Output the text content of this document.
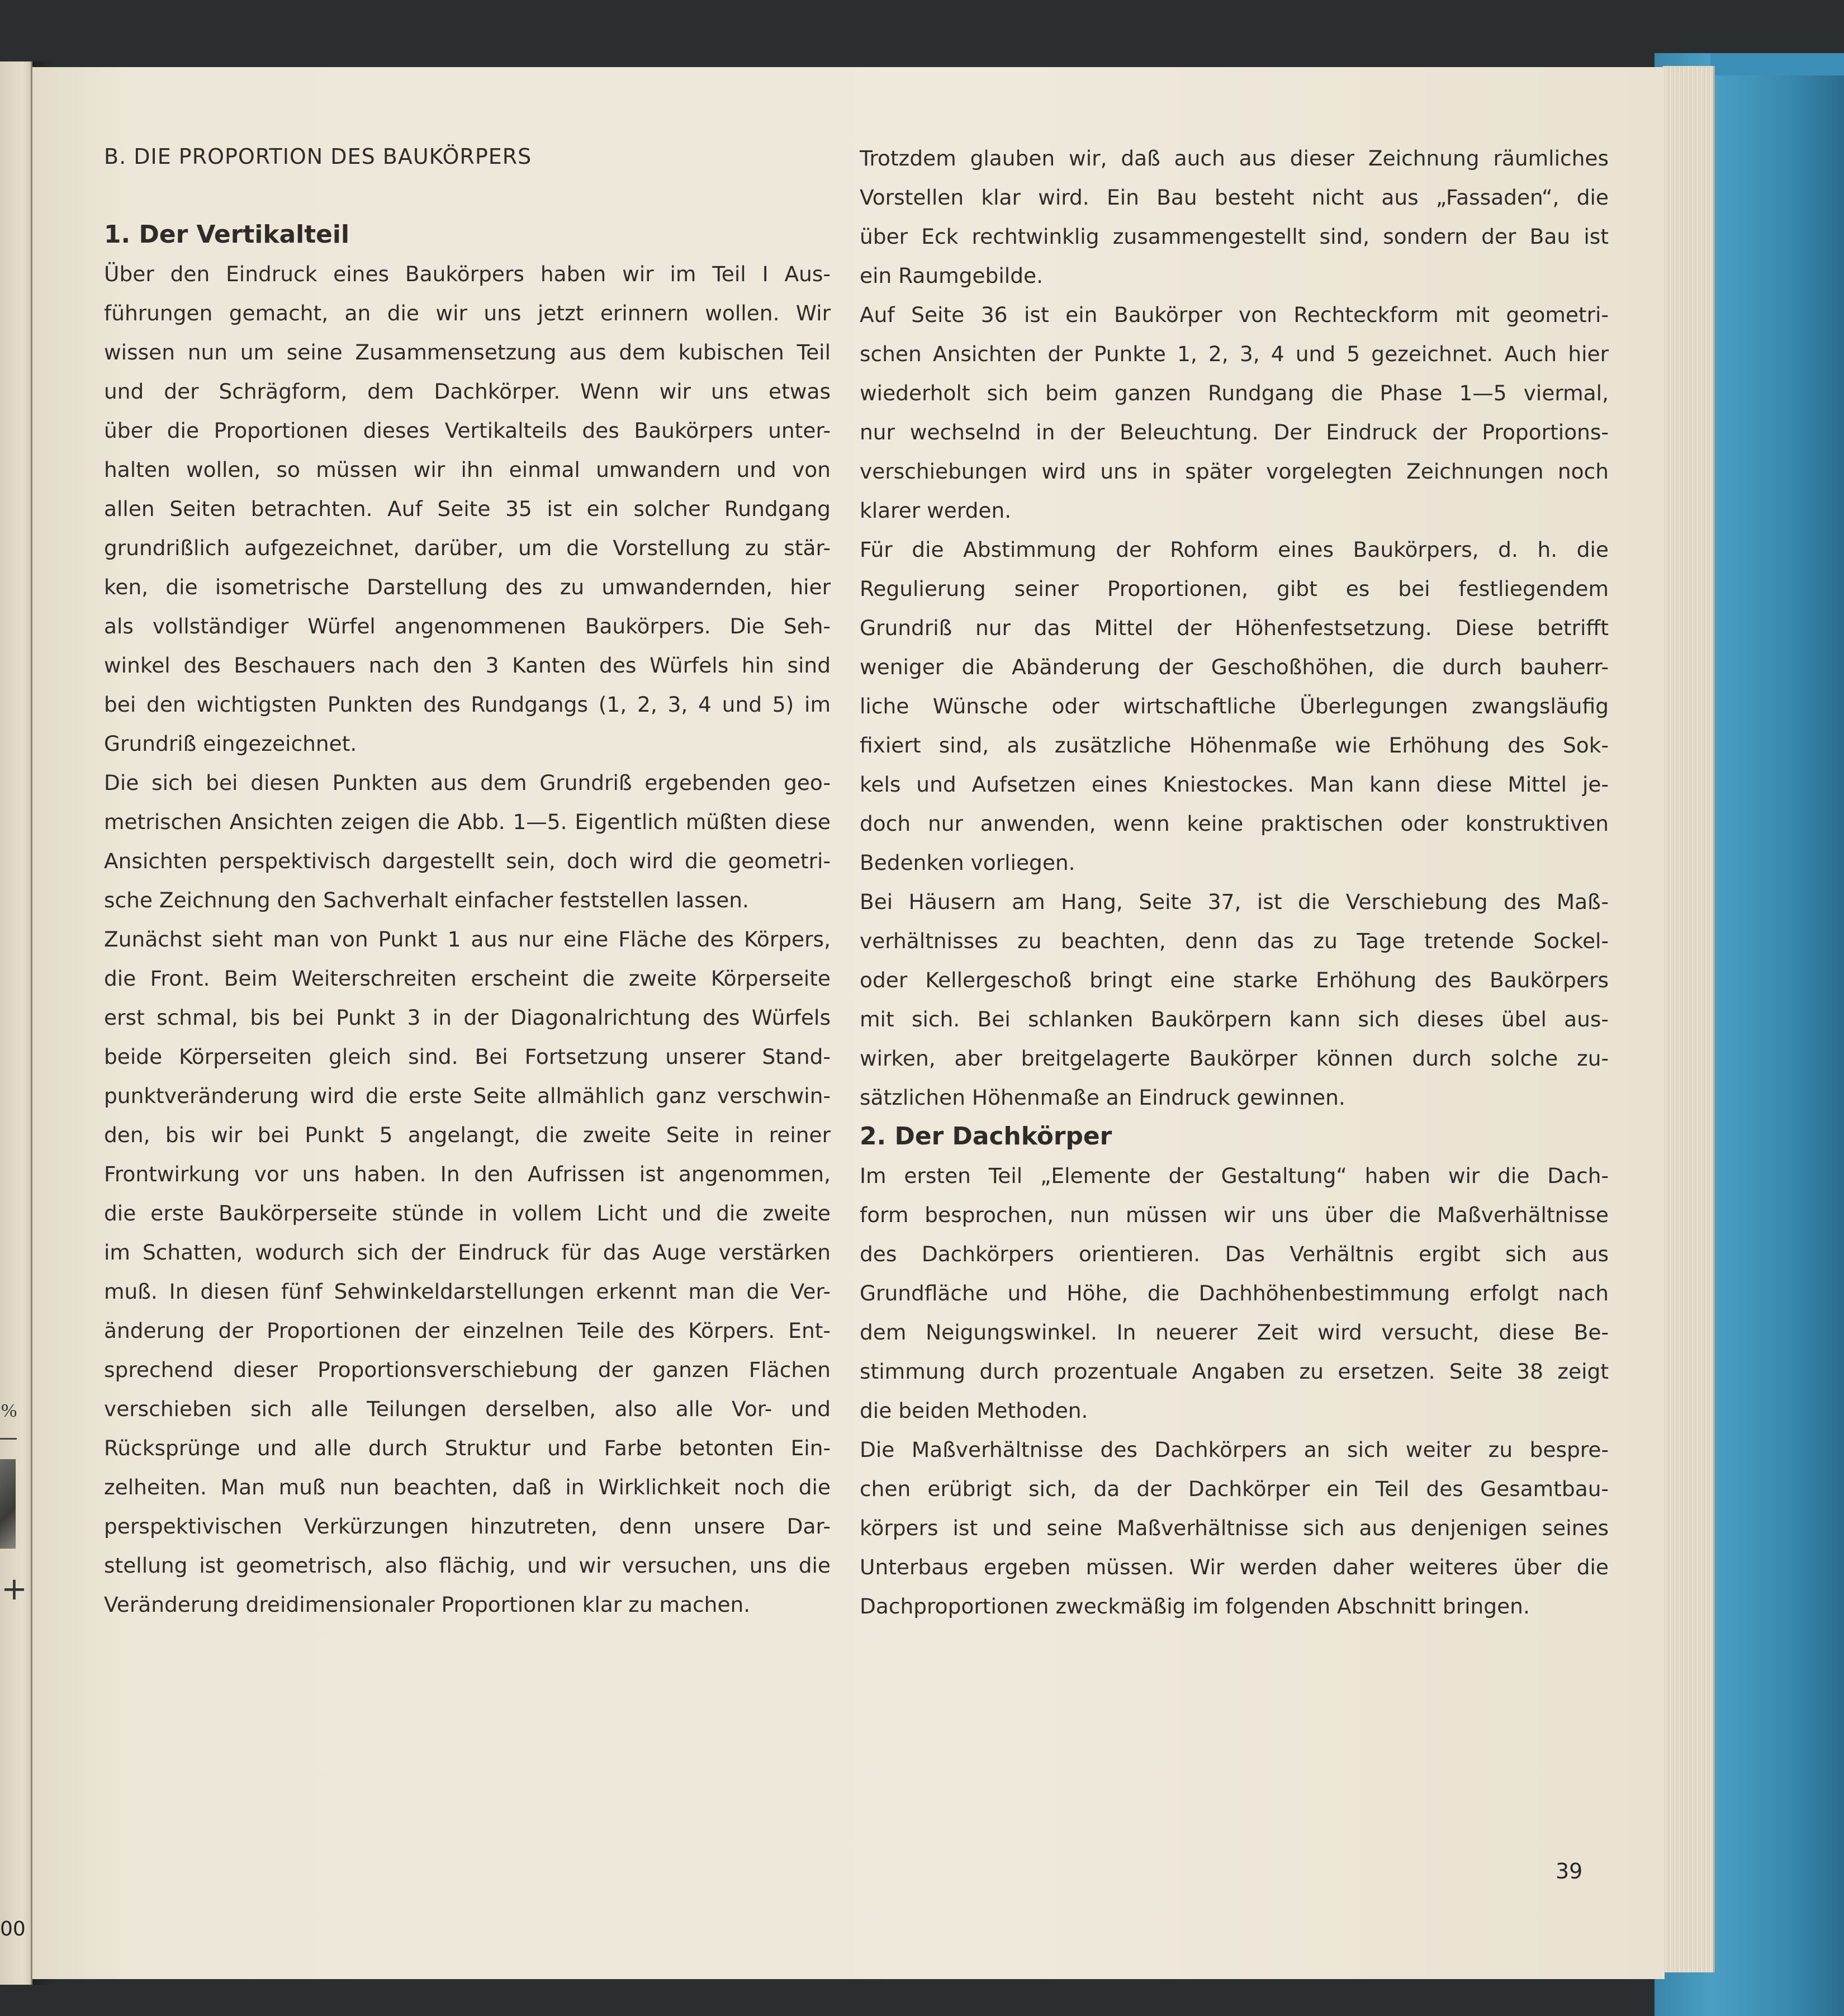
%
+
00
B. DIE PROPORTION DES BAUKÖRPERS
1. Der Vertikalteil
Über den Eindruck eines Baukörpers haben wir im Teil I Aus-
führungen gemacht, an die wir uns jetzt erinnern wollen. Wir
wissen nun um seine Zusammensetzung aus dem kubischen Teil
und der Schrägform, dem Dachkörper. Wenn wir uns etwas
über die Proportionen dieses Vertikalteils des Baukörpers unter-
halten wollen, so müssen wir ihn einmal umwandern und von
allen Seiten betrachten. Auf Seite 35 ist ein solcher Rundgang
grundrißlich aufgezeichnet, darüber, um die Vorstellung zu stär-
ken, die isometrische Darstellung des zu umwandernden, hier
als vollständiger Würfel angenommenen Baukörpers. Die Seh-
winkel des Beschauers nach den 3 Kanten des Würfels hin sind
bei den wichtigsten Punkten des Rundgangs (1, 2, 3, 4 und 5) im
Grundriß eingezeichnet.
Die sich bei diesen Punkten aus dem Grundriß ergebenden geo-
metrischen Ansichten zeigen die Abb. 1—5. Eigentlich müßten diese
Ansichten perspektivisch dargestellt sein, doch wird die geometri-
sche Zeichnung den Sachverhalt einfacher feststellen lassen.
Zunächst sieht man von Punkt 1 aus nur eine Fläche des Körpers,
die Front. Beim Weiterschreiten erscheint die zweite Körperseite
erst schmal, bis bei Punkt 3 in der Diagonalrichtung des Würfels
beide Körperseiten gleich sind. Bei Fortsetzung unserer Stand-
punktveränderung wird die erste Seite allmählich ganz verschwin-
den, bis wir bei Punkt 5 angelangt, die zweite Seite in reiner
Frontwirkung vor uns haben. In den Aufrissen ist angenommen,
die erste Baukörperseite stünde in vollem Licht und die zweite
im Schatten, wodurch sich der Eindruck für das Auge verstärken
muß. In diesen fünf Sehwinkeldarstellungen erkennt man die Ver-
änderung der Proportionen der einzelnen Teile des Körpers. Ent-
sprechend dieser Proportionsverschiebung der ganzen Flächen
verschieben sich alle Teilungen derselben, also alle Vor- und
Rücksprünge und alle durch Struktur und Farbe betonten Ein-
zelheiten. Man muß nun beachten, daß in Wirklichkeit noch die
perspektivischen Verkürzungen hinzutreten, denn unsere Dar-
stellung ist geometrisch, also flächig, und wir versuchen, uns die
Veränderung dreidimensionaler Proportionen klar zu machen.
Trotzdem glauben wir, daß auch aus dieser Zeichnung räumliches
Vorstellen klar wird. Ein Bau besteht nicht aus „Fassaden“, die
über Eck rechtwinklig zusammengestellt sind, sondern der Bau ist
ein Raumgebilde.
Auf Seite 36 ist ein Baukörper von Rechteckform mit geometri-
schen Ansichten der Punkte 1, 2, 3, 4 und 5 gezeichnet. Auch hier
wiederholt sich beim ganzen Rundgang die Phase 1—5 viermal,
nur wechselnd in der Beleuchtung. Der Eindruck der Proportions-
verschiebungen wird uns in später vorgelegten Zeichnungen noch
klarer werden.
Für die Abstimmung der Rohform eines Baukörpers, d. h. die
Regulierung seiner Proportionen, gibt es bei festliegendem
Grundriß nur das Mittel der Höhenfestsetzung. Diese betrifft
weniger die Abänderung der Geschoßhöhen, die durch bauherr-
liche Wünsche oder wirtschaftliche Überlegungen zwangsläufig
fixiert sind, als zusätzliche Höhenmaße wie Erhöhung des Sok-
kels und Aufsetzen eines Kniestockes. Man kann diese Mittel je-
doch nur anwenden, wenn keine praktischen oder konstruktiven
Bedenken vorliegen.
Bei Häusern am Hang, Seite 37, ist die Verschiebung des Maß-
verhältnisses zu beachten, denn das zu Tage tretende Sockel-
oder Kellergeschoß bringt eine starke Erhöhung des Baukörpers
mit sich. Bei schlanken Baukörpern kann sich dieses übel aus-
wirken, aber breitgelagerte Baukörper können durch solche zu-
sätzlichen Höhenmaße an Eindruck gewinnen.
2. Der Dachkörper
Im ersten Teil „Elemente der Gestaltung“ haben wir die Dach-
form besprochen, nun müssen wir uns über die Maßverhältnisse
des Dachkörpers orientieren. Das Verhältnis ergibt sich aus
Grundfläche und Höhe, die Dachhöhenbestimmung erfolgt nach
dem Neigungswinkel. In neuerer Zeit wird versucht, diese Be-
stimmung durch prozentuale Angaben zu ersetzen. Seite 38 zeigt
die beiden Methoden.
Die Maßverhältnisse des Dachkörpers an sich weiter zu bespre-
chen erübrigt sich, da der Dachkörper ein Teil des Gesamtbau-
körpers ist und seine Maßverhältnisse sich aus denjenigen seines
Unterbaus ergeben müssen. Wir werden daher weiteres über die
Dachproportionen zweckmäßig im folgenden Abschnitt bringen.
39
